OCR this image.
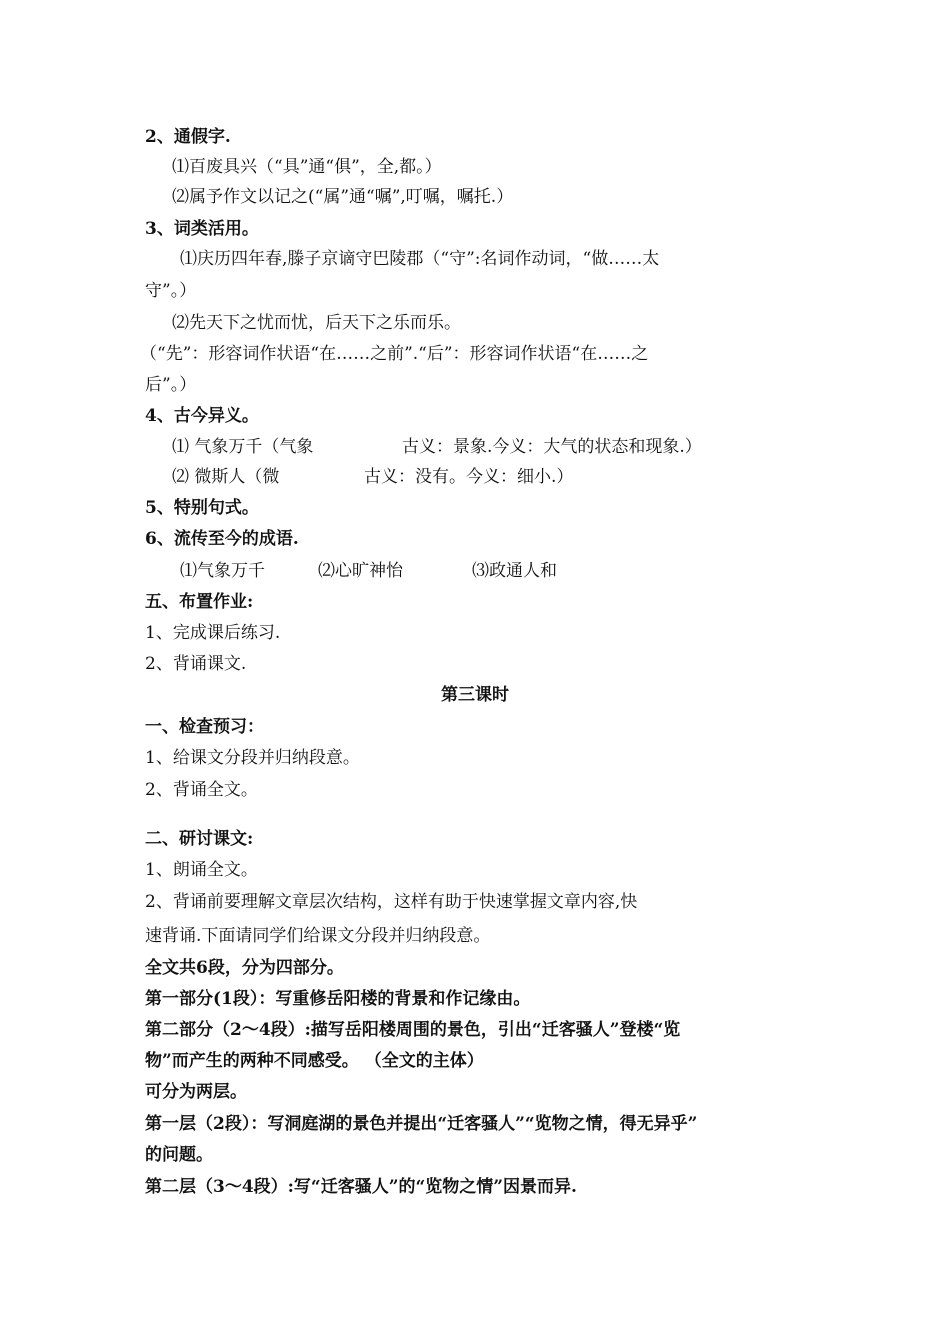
2、通假字.
⑴百废具兴（“具”通“俱”，全,都。）
⑵属予作文以记之(“属”通“嘱”,叮嘱，嘱托.）
3、词类活用。
⑴庆历四年春,滕子京谪守巴陵郡（“守”:名词作动词，“做……太
守”。）
⑵先天下之忧而忧，后天下之乐而乐。
（“先”：形容词作状语“在……之前”.“后”：形容词作状语“在……之
后”。）
4、古今异义。
⑴ 气象万千（气象	古义：景象.今义：大气的状态和现象.）
⑵ 微斯人（微	古义：没有。今义：细小.）
5、特别句式。
6、流传至今的成语.
⑴气象万千	⑵心旷神怡	⑶政通人和
五、布置作业:
1、完成课后练习.
2、背诵课文.
第三课时
一、检查预习：
1、给课文分段并归纳段意。
2、背诵全文。
二、研讨课文:
1、朗诵全文。
2、背诵前要理解文章层次结构，这样有助于快速掌握文章内容,快
速背诵.下面请同学们给课文分段并归纳段意。
全文共6段，分为四部分。
第一部分(1段）：写重修岳阳楼的背景和作记缘由。
第二部分（2～4段）:描写岳阳楼周围的景色，引出“迁客骚人”登楼“览
物”而产生的两种不同感受。 （全文的主体）
可分为两层。
第一层（2段）：写洞庭湖的景色并提出“迁客骚人”“览物之情，得无异乎”
的问题。
第二层（3～4段）:写“迁客骚人”的“览物之情”因景而异.
